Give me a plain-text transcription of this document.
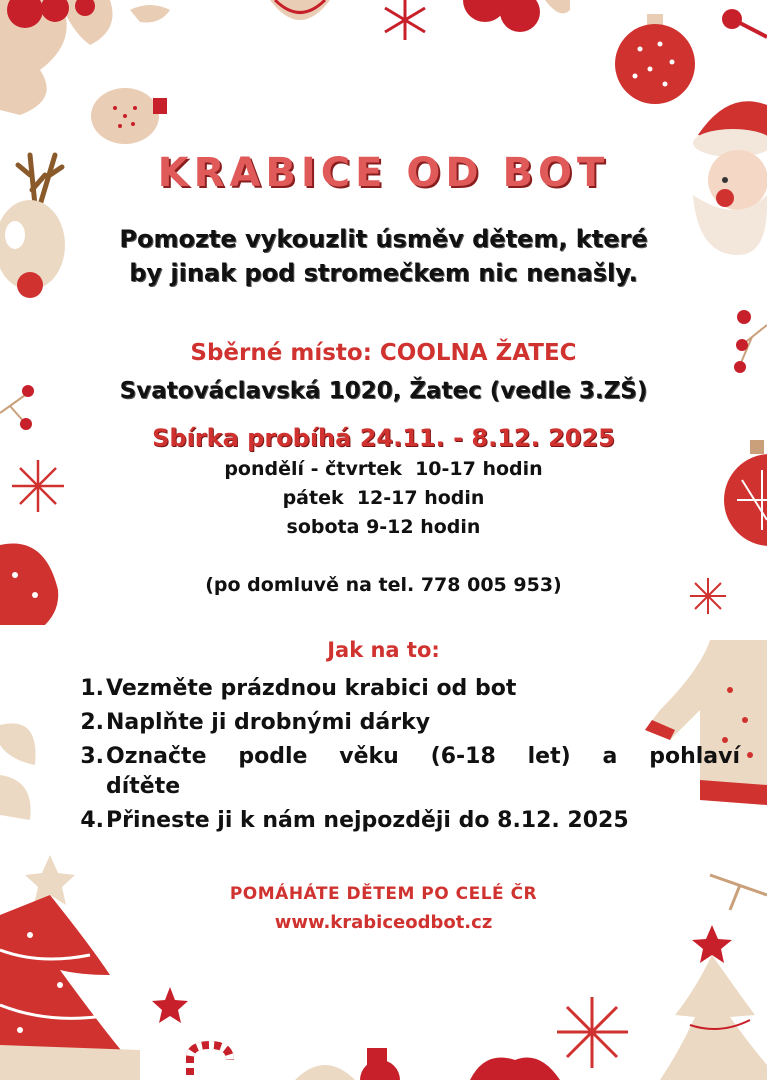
KRABICE OD BOT
Pomozte vykouzlit úsměv dětem, které
by jinak pod stromečkem nic nenašly.
Sběrné místo: COOLNA ŽATEC
Svatováclavská 1020, Žatec (vedle 3.ZŠ)
Sbírka probíhá 24.11. - 8.12. 2025
pondělí - čtvrtek  10-17 hodin
pátek  12-17 hodin
sobota 9-12 hodin
(po domluvě na tel. 778 005 953)
Jak na to:
1. Vezměte prázdnou krabici od bot
2. Naplňte ji drobnými dárky
3. Označte podle věku (6-18 let) a pohlaví dítěte
4. Přineste ji k nám nejpozději do 8.12. 2025
POMÁHÁTE DĚTEM PO CELÉ ČR
www.krabiceodbot.cz
